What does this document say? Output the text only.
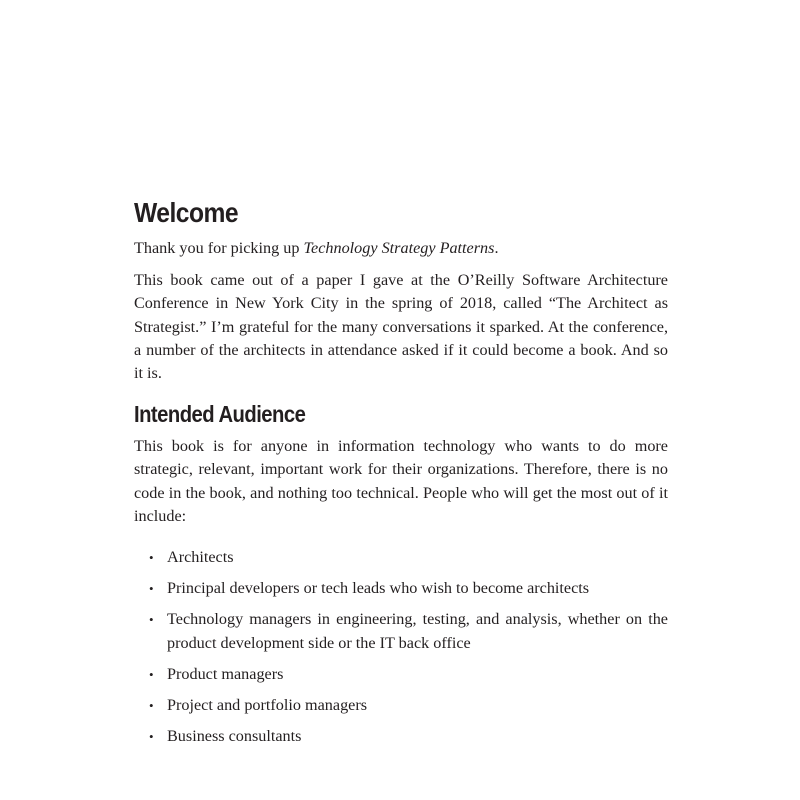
Welcome

Thank you for picking up Technology Strategy Patterns.

This book came out of a paper I gave at the O’Reilly Software Architecture Conference in New York City in the spring of 2018, called “The Architect as Strategist.” I’m grateful for the many conversations it sparked. At the conference, a number of the architects in attendance asked if it could become a book. And so it is.

Intended Audience

This book is for anyone in information technology who wants to do more strategic, relevant, important work for their organizations. Therefore, there is no code in the book, and nothing too technical. People who will get the most out of it include:

• Architects
• Principal developers or tech leads who wish to become architects
• Technology managers in engineering, testing, and analysis, whether on the product development side or the IT back office
• Product managers
• Project and portfolio managers
• Business consultants
